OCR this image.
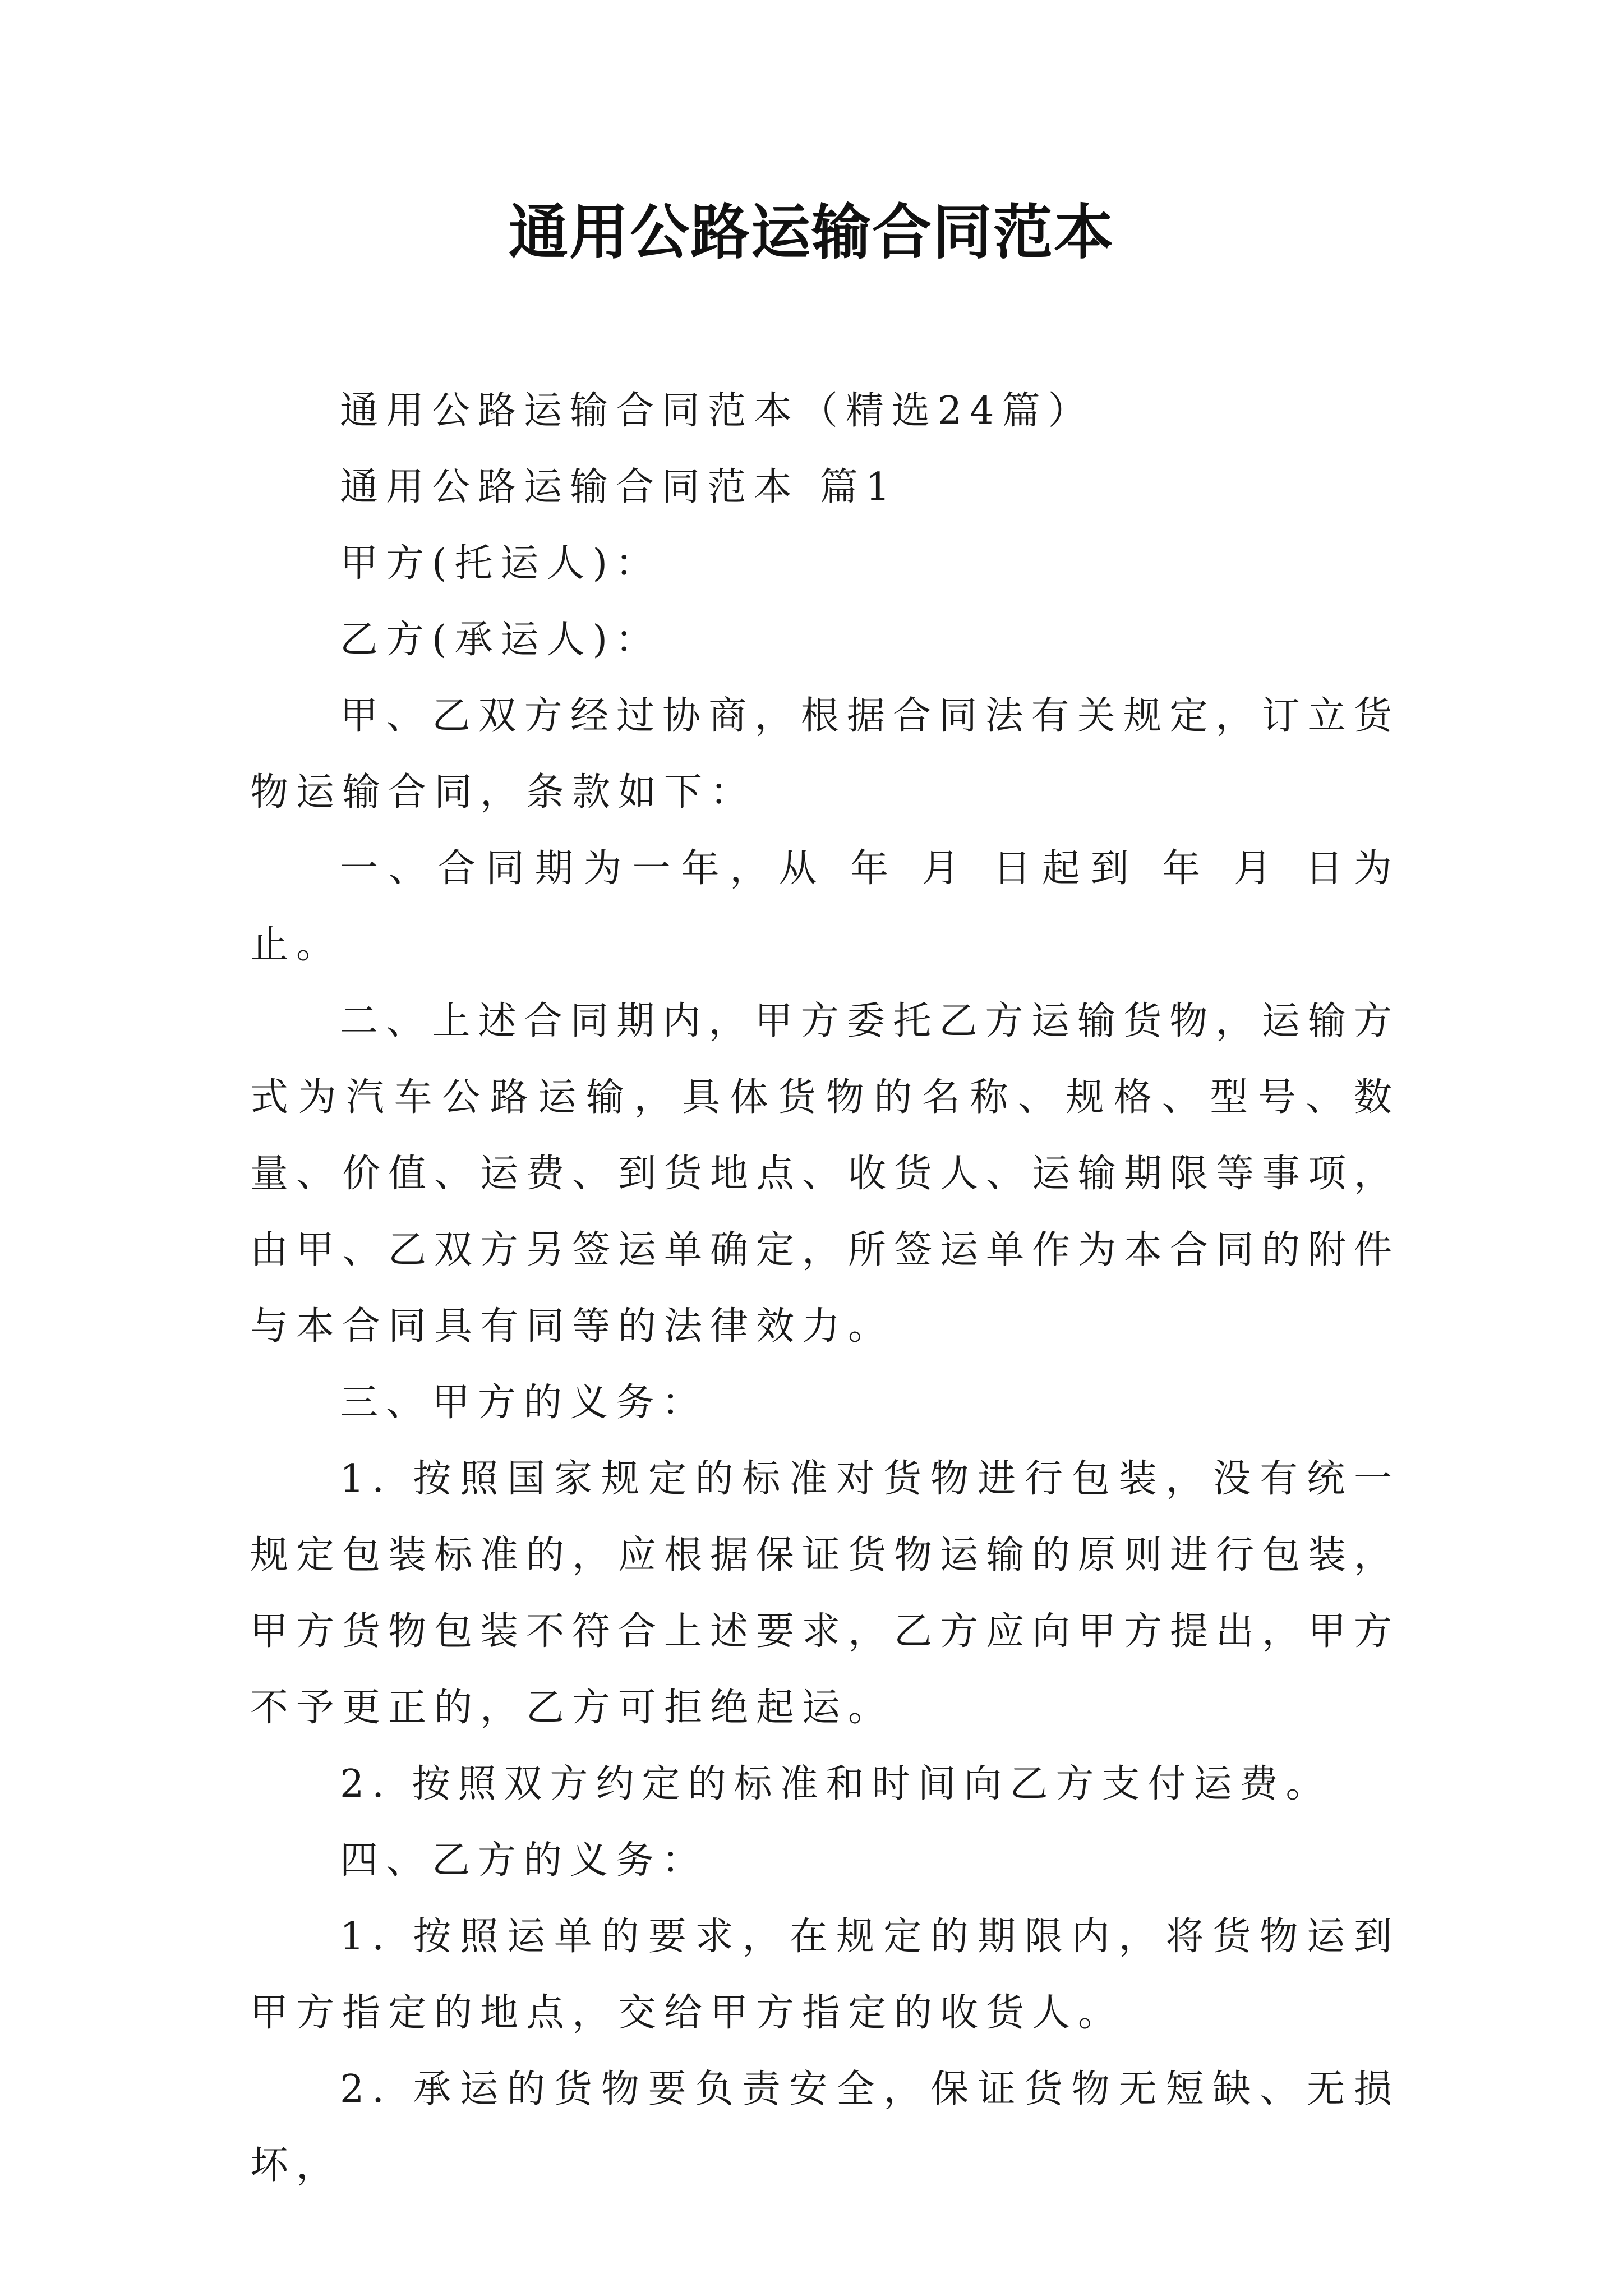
通用公路运输合同范本

通用公路运输合同范本（精选24篇）

通用公路运输合同范本 篇1

甲方(托运人)：

乙方(承运人)：

甲、乙双方经过协商，根据合同法有关规定，订立货物运输合同，条款如下：

一、合同期为一年，从 年 月 日起到 年 月 日为止。

二、上述合同期内，甲方委托乙方运输货物，运输方式为汽车公路运输，具体货物的名称、规格、型号、数量、价值、运费、到货地点、收货人、运输期限等事项，由甲、乙双方另签运单确定，所签运单作为本合同的附件与本合同具有同等的法律效力。

三、甲方的义务：

1. 按照国家规定的标准对货物进行包装，没有统一规定包装标准的，应根据保证货物运输的原则进行包装，甲方货物包装不符合上述要求，乙方应向甲方提出，甲方不予更正的，乙方可拒绝起运。

2. 按照双方约定的标准和时间向乙方支付运费。

四、乙方的义务：

1. 按照运单的要求，在规定的期限内，将货物运到甲方指定的地点，交给甲方指定的收货人。

2. 承运的货物要负责安全，保证货物无短缺、无损坏，
